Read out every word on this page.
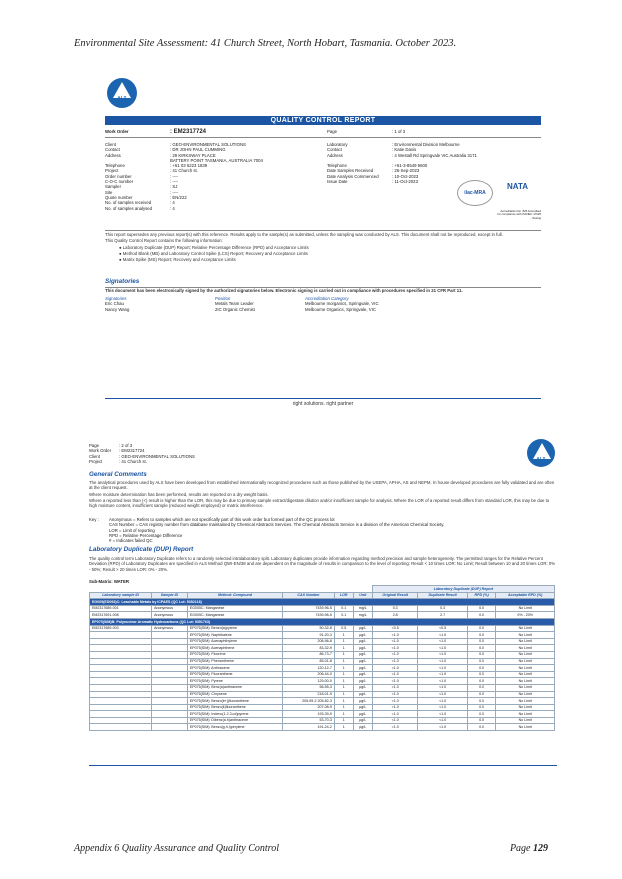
Environmental Site Assessment: 41 Church Street, North Hobart, Tasmania. October 2023.
ALS
QUALITY CONTROL REPORT
Work Order	: EM2317724	Page	: 1 of 3
Client	: GEO-ENVIRONMENTAL SOLUTIONS
Contact	: DR JOHN PAUL CUMMING
Address	: 29 KIRKSWAY PLACE
BATTERY POINT TASMANIA, AUSTRALIA 7004
Telephone	: +61 03 6223 1839
Project	: 41 Church st.
Order number	: ----
C-O-C number	: ----
Sampler	: SJ
Site	: ----
Quote number	: EN/222
No. of samples received	: 4
No. of samples analysed	: 4
Laboratory	: Environmental Division Melbourne
Contact	: Katie Davis
Address	: 4 Westall Rd Springvale VIC Australia 3171
Telephone	: +61-3-8549 9600
Date Samples Received	: 26-Sep-2023
Date Analysis Commenced	: 10-Oct-2023
Issue Date	: 11-Oct-2023
ilac-MRA
NATA
Accreditation No. 825 Accredited for compliance with ISO/IEC 17025 - Testing
This report supersedes any previous report(s) with this reference. Results apply to the sample(s) as submitted, unless the sampling was conducted by ALS. This document shall not be reproduced, except in full.
This Quality Control Report contains the following information:
● Laboratory Duplicate (DUP) Report; Relative Percentage Difference (RPD) and Acceptance Limits
● Method Blank (MB) and Laboratory Control Spike (LCS) Report; Recovery and Acceptance Limits
● Matrix Spike (MS) Report; Recovery and Acceptance Limits
Signatories
This document has been electronically signed by the authorized signatories below. Electronic signing is carried out in compliance with procedures specified in 21 CFR Part 11.
Signatories	Position	Accreditation Category
Eric Chau	Metals Team Leader	Melbourne Inorganics, Springvale, VIC
Nancy Wang	2IC Organic Chemist	Melbourne Organics, Springvale, VIC
right solutions. right partner
Page	: 2 of 3
Work Order : EM2317724
Client	: GEO-ENVIRONMENTAL SOLUTIONS
Project	: 41 Church st.
ALS
General Comments
The analytical procedures used by ALS have been developed from established internationally recognized procedures such as those published by the USEPA, APHA, AS and NEPM. In house developed procedures are fully validated and are often at the client request.
Where moisture determination has been performed, results are reported on a dry weight basis.
Where a reported less than (<) result is higher than the LOR, this may be due to primary sample extract/digestate dilution and/or insufficient sample for analysis. Where the LOR of a reported result differs from standard LOR, this may be due to high moisture content, insufficient sample (reduced weight employed) or matrix interference.
Key : Anonymous = Refers to samples which are not specifically part of this work order but formed part of the QC process lot
CAS Number = CAS registry number from database maintained by Chemical Abstracts Services. The Chemical Abstracts Service is a division of the American Chemical Society.
LOR = Limit of reporting
RPD = Relative Percentage Difference
# = Indicates failed QC
Laboratory Duplicate (DUP) Report
The quality control term Laboratory Duplicate refers to a randomly selected intralaboratory split. Laboratory duplicates provide information regarding method precision and sample heterogeneity. The permitted ranges for the Relative Percent Deviation (RPD) of Laboratory Duplicates are specified in ALS Method QWI-EN/38 and are dependent on the magnitude of results in comparison to the level of reporting: Result < 10 times LOR: No Limit; Result between 10 and 20 times LOR: 0% - 50%; Result > 20 times LOR: 0% - 20%.
Sub-Matrix: WATER
						Laboratory Duplicate (DUP) Report			
Laboratory sample ID	Sample ID	Method: Compound	CAS Number	LOR	Unit	Original Result	Duplicate Result	RPD (%)	Acceptable RPD (%)
EG005(ED093)C: Leachable Metals by ICPAES (QC Lot: 5352118)									
EM2317689-001	Anonymous	EG005C: Manganese	7439-96-5	0.1	mg/L	0.3	0.3	0.0	No Limit
EM2317691-008	Anonymous	EG005C: Manganese	7439-96-5	0.1	mg/L	2.8	2.7	0.0	0% - 20%
EP075(SIM)B: Polynuclear Aromatic Hydrocarbons (QC Lot: 5351763)									
EM2317689-003	Anonymous	EP075(SIM): Benzo(a)pyrene	50-32-8	0.5	µg/L	<0.5	<0.5	0.0	No Limit
		EP075(SIM): Naphthalene	91-20-3	1	µg/L	<1.0	<1.0	0.0	No Limit
		EP075(SIM): Acenaphthylene	208-96-8	1	µg/L	<1.0	<1.0	0.0	No Limit
		EP075(SIM): Acenaphthene	83-32-9	1	µg/L	<1.0	<1.0	0.0	No Limit
		EP075(SIM): Fluorene	86-73-7	1	µg/L	<1.0	<1.0	0.0	No Limit
		EP075(SIM): Phenanthrene	85-01-8	1	µg/L	<1.0	<1.0	0.0	No Limit
		EP075(SIM): Anthracene	120-12-7	1	µg/L	<1.0	<1.0	0.0	No Limit
		EP075(SIM): Fluoranthene	206-44-0	1	µg/L	<1.0	<1.0	0.0	No Limit
		EP075(SIM): Pyrene	129-00-0	1	µg/L	<1.0	<1.0	0.0	No Limit
		EP075(SIM): Benz(a)anthracene	56-55-3	1	µg/L	<1.0	<1.0	0.0	No Limit
		EP075(SIM): Chrysene	218-01-9	1	µg/L	<1.0	<1.0	0.0	No Limit
		EP075(SIM): Benzo(b+j)fluoranthene	205-99-2 205-82-3	1	µg/L	<1.0	<1.0	0.0	No Limit
		EP075(SIM): Benzo(k)fluoranthene	207-08-9	1	µg/L	<1.0	<1.0	0.0	No Limit
		EP075(SIM): Indeno(1.2.3.cd)pyrene	193-39-5	1	µg/L	<1.0	<1.0	0.0	No Limit
		EP075(SIM): Dibenz(a.h)anthracene	53-70-3	1	µg/L	<1.0	<1.0	0.0	No Limit
		EP075(SIM): Benzo(g.h.i)perylene	191-24-2	1	µg/L	<1.0	<1.0	0.0	No Limit
Appendix 6 Quality Assurance and Quality Control	Page 129
